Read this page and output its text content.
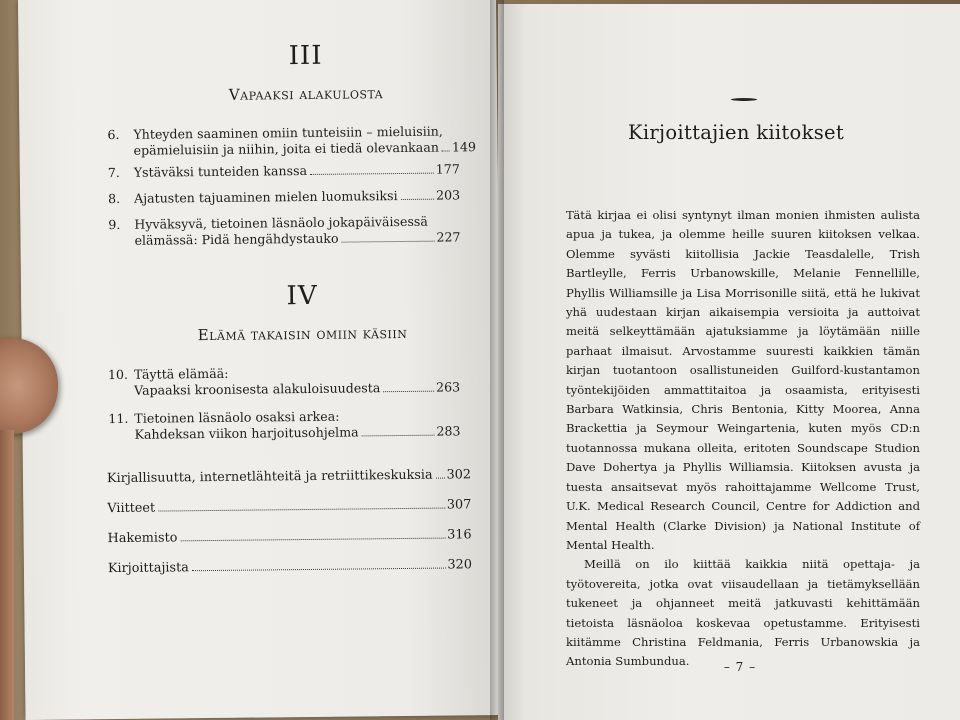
III
Vapaaksi alakulosta
6.	Yhteyden saaminen omiin tunteisiin – mieluisiin,
epämieluisiin ja niihin, joita ei tiedä olevankaan 149
7.	Ystäväksi tunteiden kanssa	177
8.	Ajatusten tajuaminen mielen luomuksiksi	203
9.	Hyväksyvä, tietoinen läsnäolo jokapäiväisessä
elämässä: Pidä hengähdystauko	227
IV
Elämä takaisin omiin käsiin
10. Täyttä elämää:
Vapaaksi kroonisesta alakuloisuudesta	263
11. Tietoinen läsnäolo osaksi arkea:
Kahdeksan viikon harjoitusohjelma	283
Kirjallisuutta, internetlähteitä ja retriittikeskuksia 302
Viitteet	307
Hakemisto	316
Kirjoittajista	320
Kirjoittajien kiitokset

Tätä kirjaa ei olisi syntynyt ilman monien ihmisten aulista apua ja tukea, ja olemme heille suuren kiitoksen velkaa. Olemme syvästi kiitollisia Jackie Teasdalelle, Trish Bartleylle, Ferris Urbanowskille, Melanie Fennellille, Phyllis Williamsille ja Lisa Morrisonille siitä, että he lukivat yhä uudestaan kirjan aikaisempia versioita ja auttoivat meitä selkeyttämään ajatuksiamme ja löytämään niille parhaat ilmaisut. Arvostamme suuresti kaikkien tämän kirjan tuotantoon osallistuneiden Guilford-kustantamon työntekijöiden ammattitaitoa ja osaamista, erityisesti Barbara Watkinsia, Chris Bentonia, Kitty Moorea, Anna Brackettia ja Seymour Weingartenia, kuten myös CD:n tuotannossa mukana olleita, eritoten Soundscape Studion Dave Dohertya ja Phyllis Williamsia. Kiitoksen avusta ja tuesta ansaitsevat myös rahoittajamme Wellcome Trust, U.K. Medical Research Council, Centre for Addiction and Mental Health (Clarke Division) ja National Institute of Mental Health.

Meillä on ilo kiittää kaikkia niitä opettaja- ja työtovereita, jotka ovat viisaudellaan ja tietämyksellään tukeneet ja ohjanneet meitä jatkuvasti kehittämään tietoista läsnäoloa koskevaa opetustamme. Erityisesti kiitämme Christina Feldmania, Ferris Urbanowskia ja Antonia Sumbundua.	– 7 –
